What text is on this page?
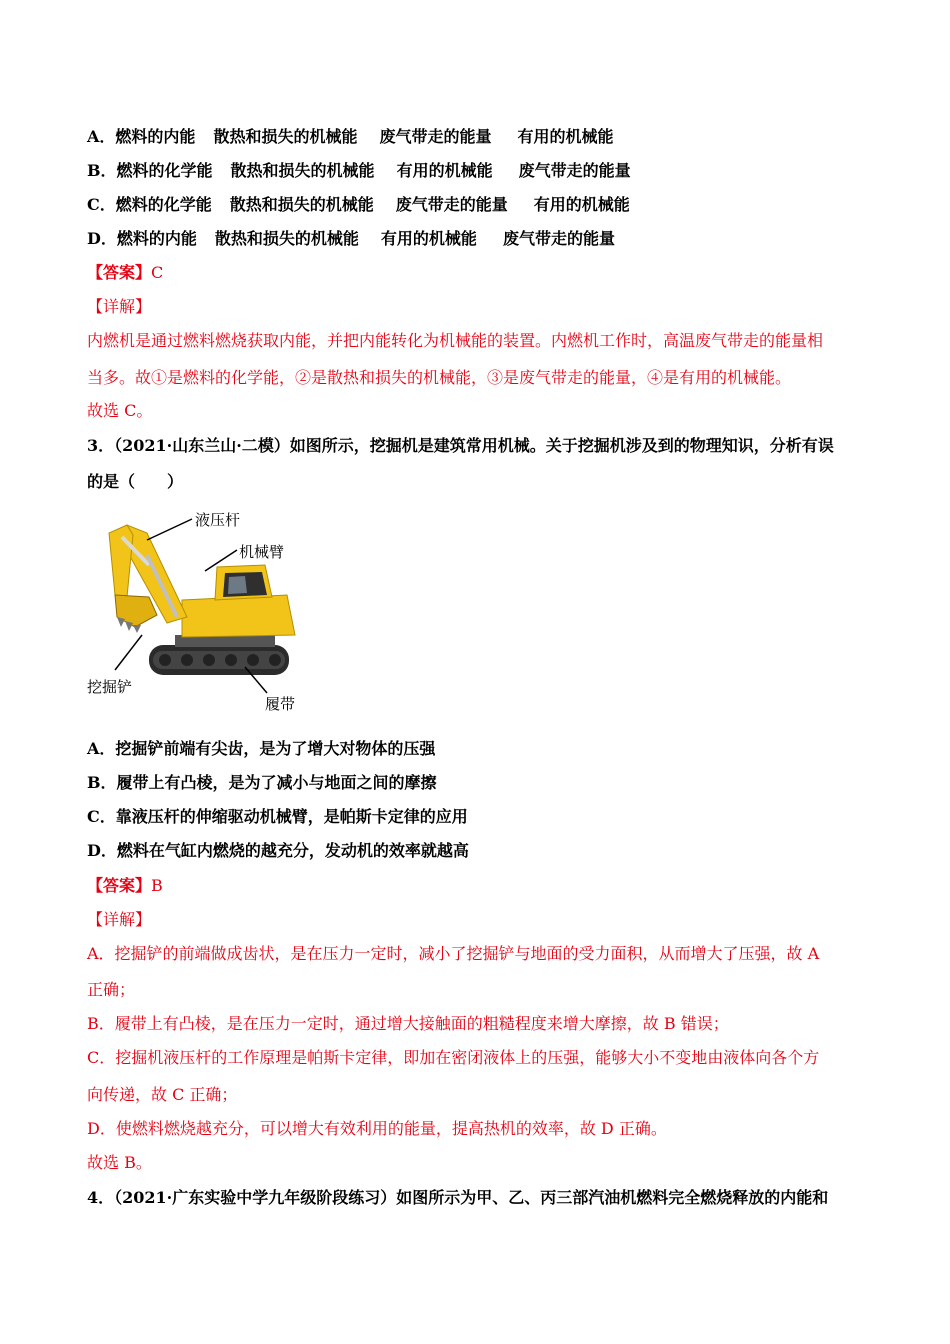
A．燃料的内能 散热和损失的机械能 废气带走的能量 有用的机械能
B．燃料的化学能 散热和损失的机械能 有用的机械能 废气带走的能量
C．燃料的化学能 散热和损失的机械能 废气带走的能量 有用的机械能
D．燃料的内能 散热和损失的机械能 有用的机械能 废气带走的能量
【答案】C
【详解】
内燃机是通过燃料燃烧获取内能，并把内能转化为机械能的装置。内燃机工作时，高温废气带走的能量相
当多。故①是燃料的化学能，②是散热和损失的机械能，③是废气带走的能量，④是有用的机械能。
故选 C。
3．（2021·山东兰山·二模）如图所示，挖掘机是建筑常用机械。关于挖掘机涉及到的物理知识，分析有误
的是（　　）
液压杆
机械臂
挖掘铲
履带
A．挖掘铲前端有尖齿，是为了增大对物体的压强
B．履带上有凸棱，是为了减小与地面之间的摩擦
C．靠液压杆的伸缩驱动机械臂，是帕斯卡定律的应用
D．燃料在气缸内燃烧的越充分，发动机的效率就越高
【答案】B
【详解】
A．挖掘铲的前端做成齿状，是在压力一定时，减小了挖掘铲与地面的受力面积，从而增大了压强，故 A
正确；
B．履带上有凸棱，是在压力一定时，通过增大接触面的粗糙程度来增大摩擦，故 B 错误；
C．挖掘机液压杆的工作原理是帕斯卡定律，即加在密闭液体上的压强，能够大小不变地由液体向各个方
向传递，故 C 正确；
D．使燃料燃烧越充分，可以增大有效利用的能量，提高热机的效率，故 D 正确。
故选 B。
4．（2021·广东实验中学九年级阶段练习）如图所示为甲、乙、丙三部汽油机燃料完全燃烧释放的内能和
